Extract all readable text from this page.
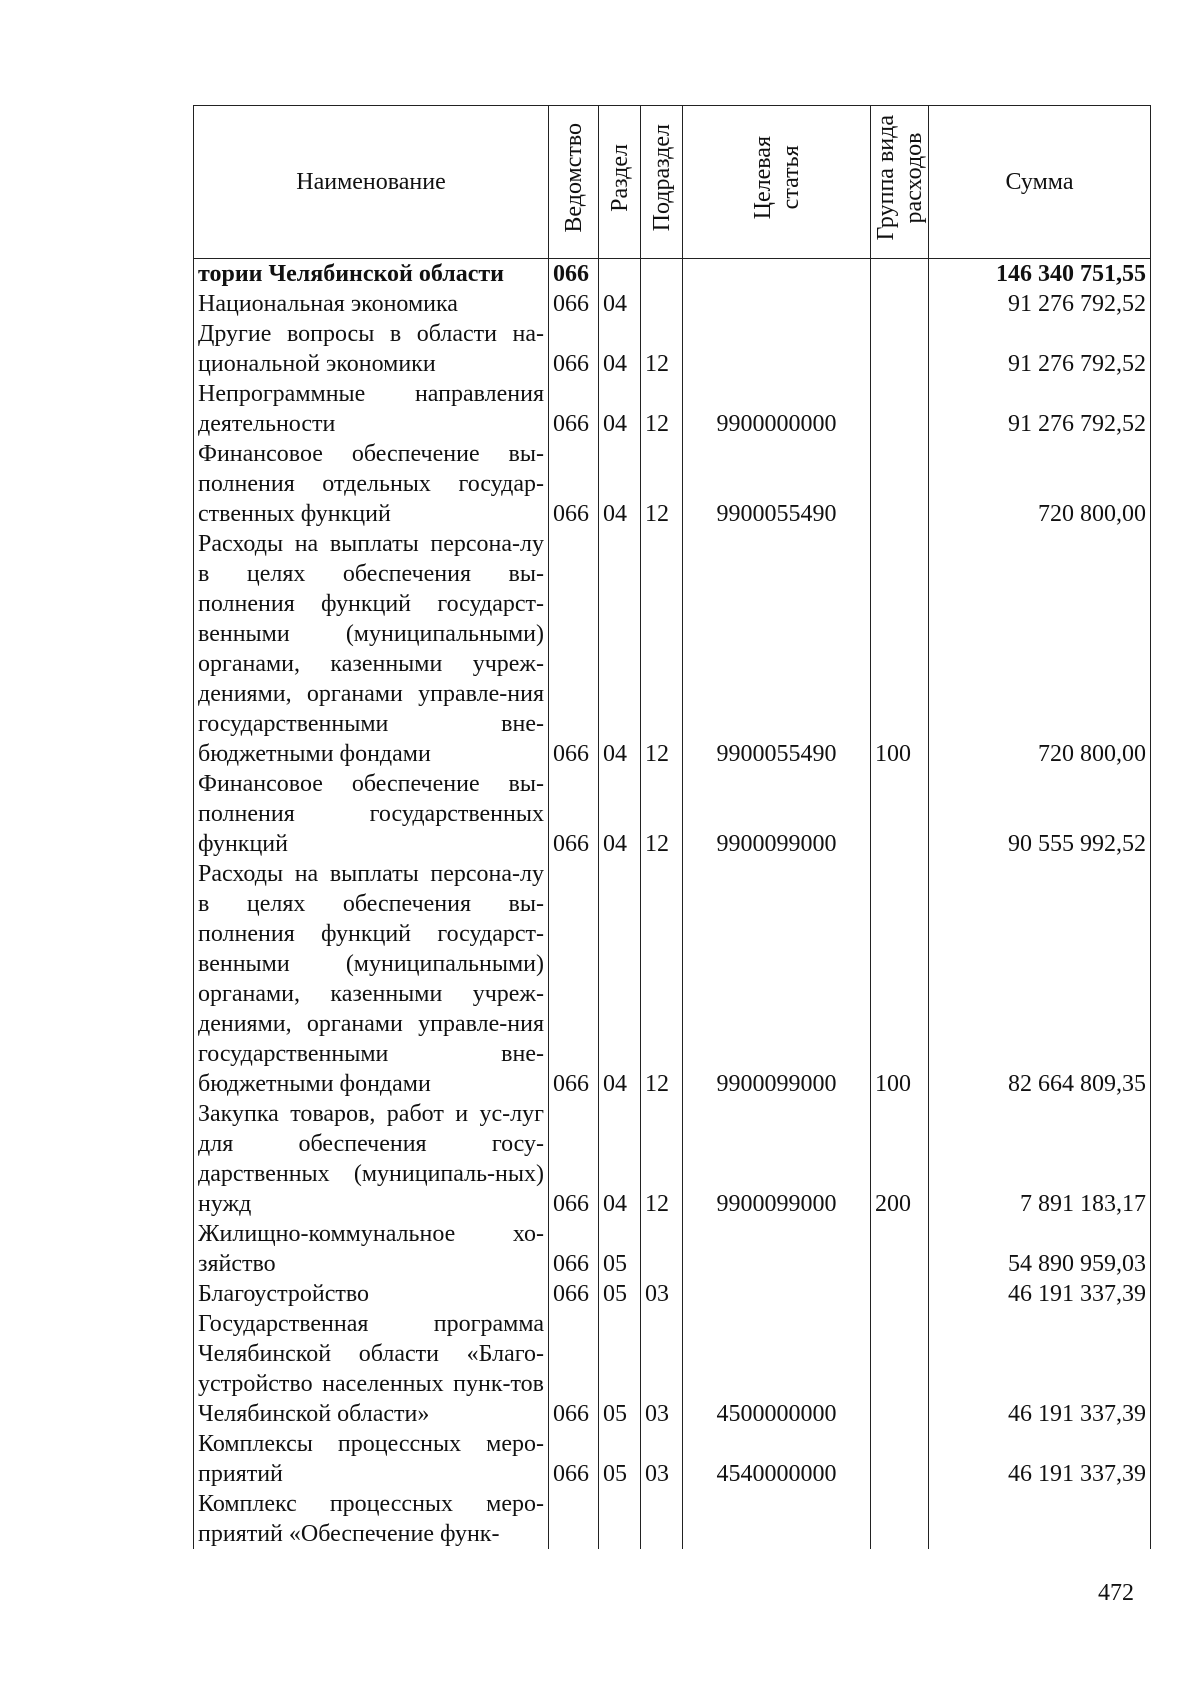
Наименование	Ведомство	Раздел	Подраздел	Целевая статья	Группа вида расходов	Сумма
тории Челябинской области	066					146 340 751,55
Национальная экономика	066	04				91 276 792,52
Другие вопросы в области на-циональной экономики	066	04	12			91 276 792,52
Непрограммные направления деятельности	066	04	12	9900000000		91 276 792,52
Финансовое обеспечение вы-полнения отдельных государ-ственных функций	066	04	12	9900055490		720 800,00
Расходы на выплаты персона-лу в целях обеспечения вы-полнения функций государст-венными (муниципальными) органами, казенными учреж-дениями, органами управле-ния государственными вне-бюджетными фондами	066	04	12	9900055490	100	720 800,00
Финансовое обеспечение вы-полнения государственных функций	066	04	12	9900099000		90 555 992,52
Расходы на выплаты персона-лу в целях обеспечения вы-полнения функций государст-венными (муниципальными) органами, казенными учреж-дениями, органами управле-ния государственными вне-бюджетными фондами	066	04	12	9900099000	100	82 664 809,35
Закупка товаров, работ и ус-луг для обеспечения госу-дарственных (муниципаль-ных) нужд	066	04	12	9900099000	200	7 891 183,17
Жилищно-коммунальное хо-зяйство	066	05				54 890 959,03
Благоустройство	066	05	03			46 191 337,39
Государственная программа Челябинской области «Благо-устройство населенных пунк-тов Челябинской области»	066	05	03	4500000000		46 191 337,39
Комплексы процессных меро-приятий	066	05	03	4540000000		46 191 337,39
Комплекс процессных меро-приятий «Обеспечение функ-						
472
